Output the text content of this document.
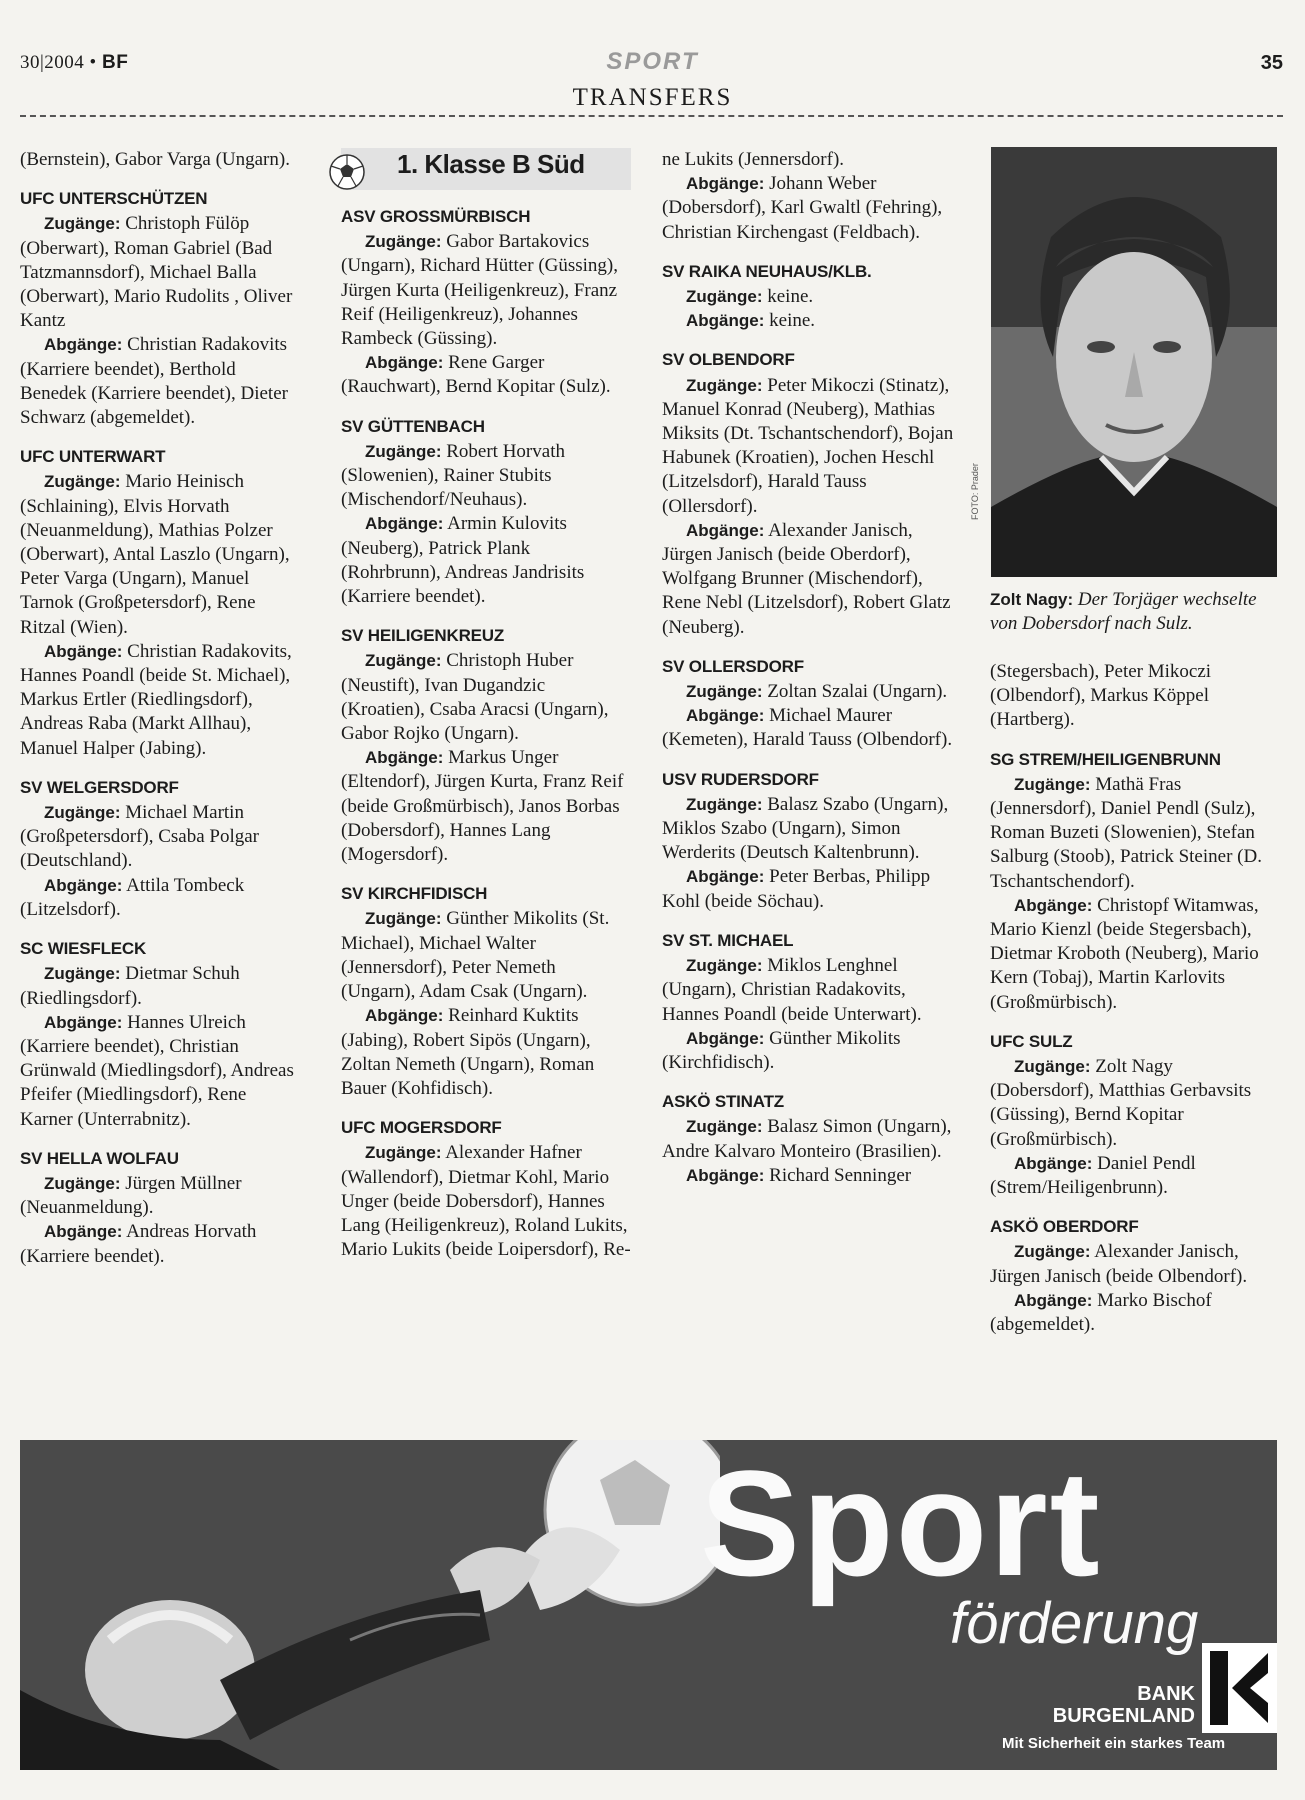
30|2004 • BF	SPORT	35
TRANSFERS

(Bernstein), Gabor Varga (Ungarn).

UFC UNTERSCHÜTZEN

Zugänge: Christoph Fülöp (Oberwart), Roman Gabriel (Bad Tatzmannsdorf), Michael Balla (Oberwart), Mario Rudolits , Oliver Kantz

Abgänge: Christian Radakovits (Karriere beendet), Berthold Benedek (Karriere beendet), Dieter Schwarz (abgemeldet).

UFC UNTERWART

Zugänge: Mario Heinisch (Schlaining), Elvis Horvath (Neuanmeldung), Mathias Polzer (Oberwart), Antal Laszlo (Ungarn), Peter Varga (Ungarn), Manuel Tarnok (Großpetersdorf), Rene Ritzal (Wien).

Abgänge: Christian Radakovits, Hannes Poandl (beide St. Michael), Markus Ertler (Riedlingsdorf), Andreas Raba (Markt Allhau), Manuel Halper (Jabing).

SV WELGERSDORF

Zugänge: Michael Martin (Großpetersdorf), Csaba Polgar (Deutschland).

Abgänge: Attila Tombeck (Litzelsdorf).

SC WIESFLECK

Zugänge: Dietmar Schuh (Riedlingsdorf).

Abgänge: Hannes Ulreich (Karriere beendet), Christian Grünwald (Miedlingsdorf), Andreas Pfeifer (Miedlingsdorf), Rene Karner (Unterrabnitz).

SV HELLA WOLFAU

Zugänge: Jürgen Müllner (Neuanmeldung).

Abgänge: Andreas Horvath (Karriere beendet).

1. Klasse B Süd
ASV GROSSMÜRBISCH

Zugänge: Gabor Bartakovics (Ungarn), Richard Hütter (Güssing), Jürgen Kurta (Heiligenkreuz), Franz Reif (Heiligenkreuz), Johannes Rambeck (Güssing).

Abgänge: Rene Garger (Rauchwart), Bernd Kopitar (Sulz).

SV GÜTTENBACH

Zugänge: Robert Horvath (Slowenien), Rainer Stubits (Mischendorf/Neuhaus).

Abgänge: Armin Kulovits (Neuberg), Patrick Plank (Rohrbrunn), Andreas Jandrisits (Karriere beendet).

SV HEILIGENKREUZ

Zugänge: Christoph Huber (Neustift), Ivan Dugandzic (Kroatien), Csaba Aracsi (Ungarn), Gabor Rojko (Ungarn).

Abgänge: Markus Unger (Eltendorf), Jürgen Kurta, Franz Reif (beide Großmürbisch), Janos Borbas (Dobersdorf), Hannes Lang (Mogersdorf).

SV KIRCHFIDISCH

Zugänge: Günther Mikolits (St. Michael), Michael Walter (Jennersdorf), Peter Nemeth (Ungarn), Adam Csak (Ungarn).

Abgänge: Reinhard Kuktits (Jabing), Robert Sipös (Ungarn), Zoltan Nemeth (Ungarn), Roman Bauer (Kohfidisch).

UFC MOGERSDORF

Zugänge: Alexander Hafner (Wallendorf), Dietmar Kohl, Mario Unger (beide Dobersdorf), Hannes Lang (Heiligenkreuz), Roland Lukits, Mario Lukits (beide Loipersdorf), Re-

ne Lukits (Jennersdorf).

Abgänge: Johann Weber (Dobersdorf), Karl Gwaltl (Fehring), Christian Kirchengast (Feldbach).

SV RAIKA NEUHAUS/KLB.

Zugänge: keine.

Abgänge: keine.

SV OLBENDORF

Zugänge: Peter Mikoczi (Stinatz), Manuel Konrad (Neuberg), Mathias Miksits (Dt. Tschantschendorf), Bojan Habunek (Kroatien), Jochen Heschl (Litzelsdorf), Harald Tauss (Ollersdorf).

Abgänge: Alexander Janisch, Jürgen Janisch (beide Oberdorf), Wolfgang Brunner (Mischendorf), Rene Nebl (Litzelsdorf), Robert Glatz (Neuberg).

SV OLLERSDORF

Zugänge: Zoltan Szalai (Ungarn).

Abgänge: Michael Maurer (Kemeten), Harald Tauss (Olbendorf).

USV RUDERSDORF

Zugänge: Balasz Szabo (Ungarn), Miklos Szabo (Ungarn), Simon Werderits (Deutsch Kaltenbrunn).

Abgänge: Peter Berbas, Philipp Kohl (beide Söchau).

SV ST. MICHAEL

Zugänge: Miklos Lenghnel (Ungarn), Christian Radakovits, Hannes Poandl (beide Unterwart).

Abgänge: Günther Mikolits (Kirchfidisch).

ASKÖ STINATZ

Zugänge: Balasz Simon (Ungarn), Andre Kalvaro Monteiro (Brasilien).

Abgänge: Richard Senninger

FOTO: Prader
Zolt Nagy: Der Torjäger wechselte von Dobersdorf nach Sulz.

(Stegersbach), Peter Mikoczi (Olbendorf), Markus Köppel (Hartberg).

SG STREM/HEILIGENBRUNN

Zugänge: Mathä Fras (Jennersdorf), Daniel Pendl (Sulz), Roman Buzeti (Slowenien), Stefan Salburg (Stoob), Patrick Steiner (D. Tschantschendorf).

Abgänge: Christopf Witamwas, Mario Kienzl (beide Stegersbach), Dietmar Kroboth (Neuberg), Mario Kern (Tobaj), Martin Karlovits (Großmürbisch).

UFC SULZ

Zugänge: Zolt Nagy (Dobersdorf), Matthias Gerbavsits (Güssing), Bernd Kopitar (Großmürbisch).

Abgänge: Daniel Pendl (Strem/Heiligenbrunn).

ASKÖ OBERDORF

Zugänge: Alexander Janisch, Jürgen Janisch (beide Olbendorf).

Abgänge: Marko Bischof (abgemeldet).

Sport
förderung
BANK
BURGENLAND
Mit Sicherheit ein starkes Team
